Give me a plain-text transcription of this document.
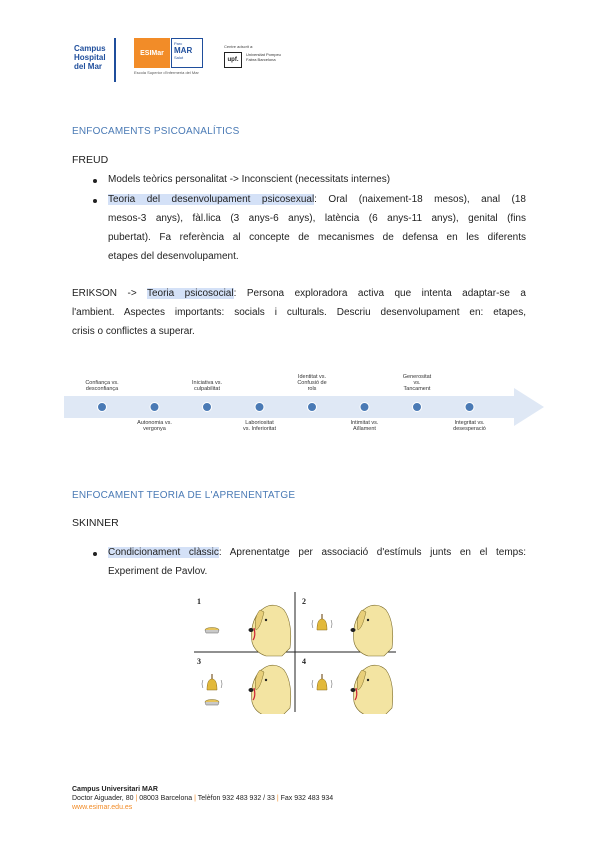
Campus
Hospital
del Mar
ESIMar
Parc
MAR
Salut
Escola Superior d'Infermeria del Mar
Centre adscrit a:
upf.
Universitat Pompeu Fabra Barcelona
ENFOCAMENTS PSICOANALÍTICS
FREUD
Models teòrics personalitat -> Inconscient (necessitats internes)
Teoria del desenvolupament psicosexual: Oral (naixement-18 mesos), anal (18
mesos-3 anys), fàl.lica (3 anys-6 anys), latència (6 anys-11 anys), genital (fins
pubertat). Fa referència al concepte de mecanismes de defensa en les diferents
etapes del desenvolupament.
ERIKSON -> Teoria psicosocial: Persona exploradora activa que intenta adaptar-se a
l'ambient. Aspectes importants: socials i culturals. Descriu desenvolupament en: etapes,
crisis o conflictes a superar.
Confiança vs.
desconfiança
Autonomia vs.
vergonya
Iniciativa vs.
culpabilitat
Laboriositat
vs. Inferioritat
Identitat vs.
Confusió de
rols
Intimitat vs.
Aïllament
Generositat
vs.
Tancament
Integritat vs.
desesperació
ENFOCAMENT TEORIA DE L'APRENENTATGE
SKINNER
Condicionament clàssic: Aprenentatge per associació d'estímuls junts en el temps:
Experiment de Pavlov.
1	2
3	4
Campus Universitari MAR
Doctor Aiguader, 80 | 08003 Barcelona | Telèfon 932 483 932 / 33 | Fax 932 483 934
www.esimar.edu.es
